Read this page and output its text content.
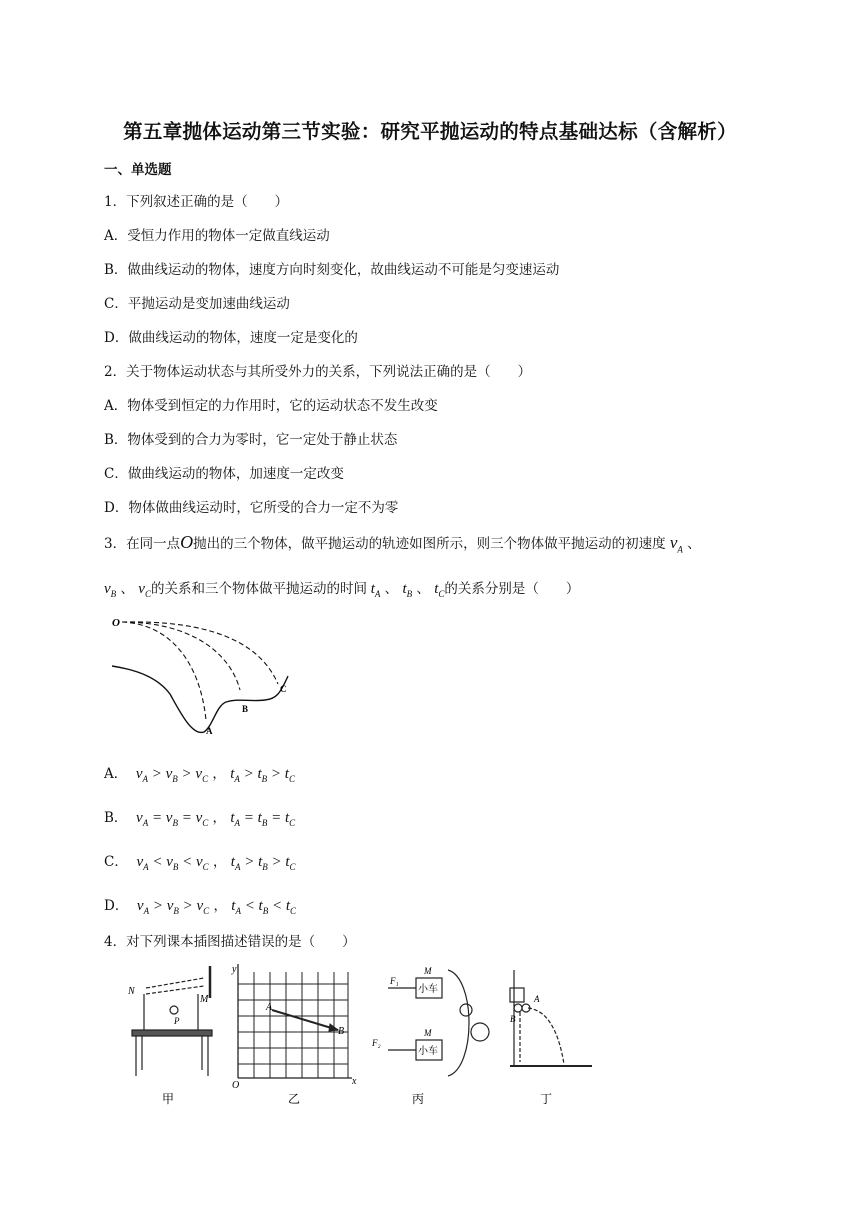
第五章抛体运动第三节实验：研究平抛运动的特点基础达标（含解析）
一、单选题
1．下列叙述正确的是（　　）
A．受恒力作用的物体一定做直线运动
B．做曲线运动的物体，速度方向时刻变化，故曲线运动不可能是匀变速运动
C．平抛运动是变加速曲线运动
D．做曲线运动的物体，速度一定是变化的
2．关于物体运动状态与其所受外力的关系，下列说法正确的是（　　）
A．物体受到恒定的力作用时，它的运动状态不发生改变
B．物体受到的合力为零时，它一定处于静止状态
C．做曲线运动的物体，加速度一定改变
D．物体做曲线运动时，它所受的合力一定不为零
3．在同一点O抛出的三个物体，做平抛运动的轨迹如图所示，则三个物体做平抛运动的初速度 $v_A$ 、
$v_B$ 、 $v_C$的关系和三个物体做平抛运动的时间 $t_A$ 、 $t_B$ 、 $t_C$的关系分别是（　　）
O
A
B
C
A． $v_A > v_B > v_C$ ， $t_A > t_B > t_C$
B． $v_A = v_B = v_C$ ， $t_A = t_B = t_C$
C． $v_A < v_B < v_C$ ， $t_A > t_B > t_C$
D． $v_A > v_B > v_C$ ， $t_A < t_B < t_C$
4．对下列课本插图描述错误的是（　　）
N
M
P
y
x
O
A
B
F₁
F₂
M
M
小车
小车
A
B
甲	乙	丙	丁
